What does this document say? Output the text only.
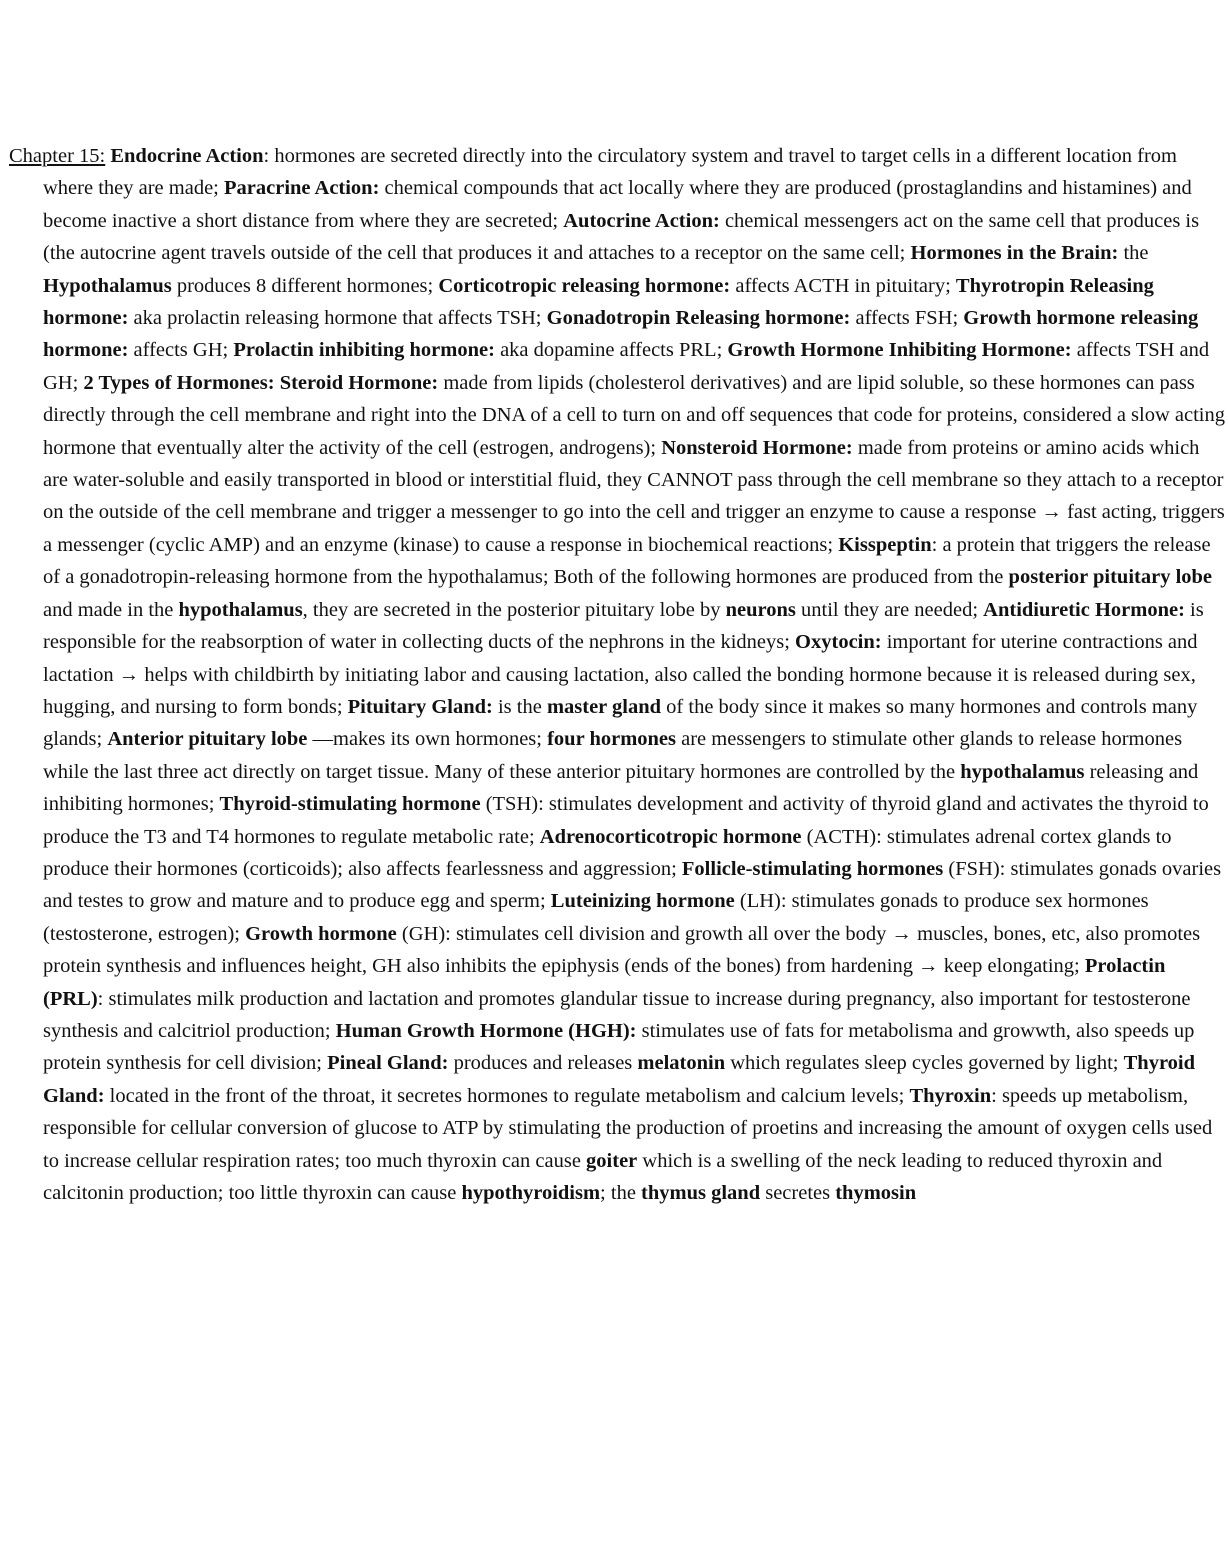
Chapter 15: Endocrine Action: hormones are secreted directly into the circulatory system and travel to target cells in a different location from where they are made; Paracrine Action: chemical compounds that act locally where they are produced (prostaglandins and histamines) and become inactive a short distance from where they are secreted; Autocrine Action: chemical messengers act on the same cell that produces is (the autocrine agent travels outside of the cell that produces it and attaches to a receptor on the same cell; Hormones in the Brain: the Hypothalamus produces 8 different hormones; Corticotropic releasing hormone: affects ACTH in pituitary; Thyrotropin Releasing hormone: aka prolactin releasing hormone that affects TSH; Gonadotropin Releasing hormone: affects FSH; Growth hormone releasing hormone: affects GH; Prolactin inhibiting hormone: aka dopamine affects PRL; Growth Hormone Inhibiting Hormone: affects TSH and GH; 2 Types of Hormones: Steroid Hormone: made from lipids (cholesterol derivatives) and are lipid soluble, so these hormones can pass directly through the cell membrane and right into the DNA of a cell to turn on and off sequences that code for proteins, considered a slow acting hormone that eventually alter the activity of the cell (estrogen, androgens); Nonsteroid Hormone: made from proteins or amino acids which are water-soluble and easily transported in blood or interstitial fluid, they CANNOT pass through the cell membrane so they attach to a receptor on the outside of the cell membrane and trigger a messenger to go into the cell and trigger an enzyme to cause a response → fast acting, triggers a messenger (cyclic AMP) and an enzyme (kinase) to cause a response in biochemical reactions; Kisspeptin: a protein that triggers the release of a gonadotropin-releasing hormone from the hypothalamus; Both of the following hormones are produced from the posterior pituitary lobe and made in the hypothalamus, they are secreted in the posterior pituitary lobe by neurons until they are needed; Antidiuretic Hormone: is responsible for the reabsorption of water in collecting ducts of the nephrons in the kidneys; Oxytocin: important for uterine contractions and lactation → helps with childbirth by initiating labor and causing lactation, also called the bonding hormone because it is released during sex, hugging, and nursing to form bonds; Pituitary Gland: is the master gland of the body since it makes so many hormones and controls many glands; Anterior pituitary lobe —makes its own hormones; four hormones are messengers to stimulate other glands to release hormones while the last three act directly on target tissue. Many of these anterior pituitary hormones are controlled by the hypothalamus releasing and inhibiting hormones; Thyroid-stimulating hormone (TSH): stimulates development and activity of thyroid gland and activates the thyroid to produce the T3 and T4 hormones to regulate metabolic rate; Adrenocorticotropic hormone (ACTH): stimulates adrenal cortex glands to produce their hormones (corticoids); also affects fearlessness and aggression; Follicle-stimulating hormones (FSH): stimulates gonads ovaries and testes to grow and mature and to produce egg and sperm; Luteinizing hormone (LH): stimulates gonads to produce sex hormones (testosterone, estrogen); Growth hormone (GH): stimulates cell division and growth all over the body → muscles, bones, etc, also promotes protein synthesis and influences height, GH also inhibits the epiphysis (ends of the bones) from hardening → keep elongating; Prolactin (PRL): stimulates milk production and lactation and promotes glandular tissue to increase during pregnancy, also important for testosterone synthesis and calcitriol production; Human Growth Hormone (HGH): stimulates use of fats for metabolisma and growwth, also speeds up protein synthesis for cell division; Pineal Gland: produces and releases melatonin which regulates sleep cycles governed by light; Thyroid Gland: located in the front of the throat, it secretes hormones to regulate metabolism and calcium levels; Thyroxin: speeds up metabolism, responsible for cellular conversion of glucose to ATP by stimulating the production of proetins and increasing the amount of oxygen cells used to increase cellular respiration rates; too much thyroxin can cause goiter which is a swelling of the neck leading to reduced thyroxin and calcitonin production; too little thyroxin can cause hypothyroidism; the thymus gland secretes thymosin
